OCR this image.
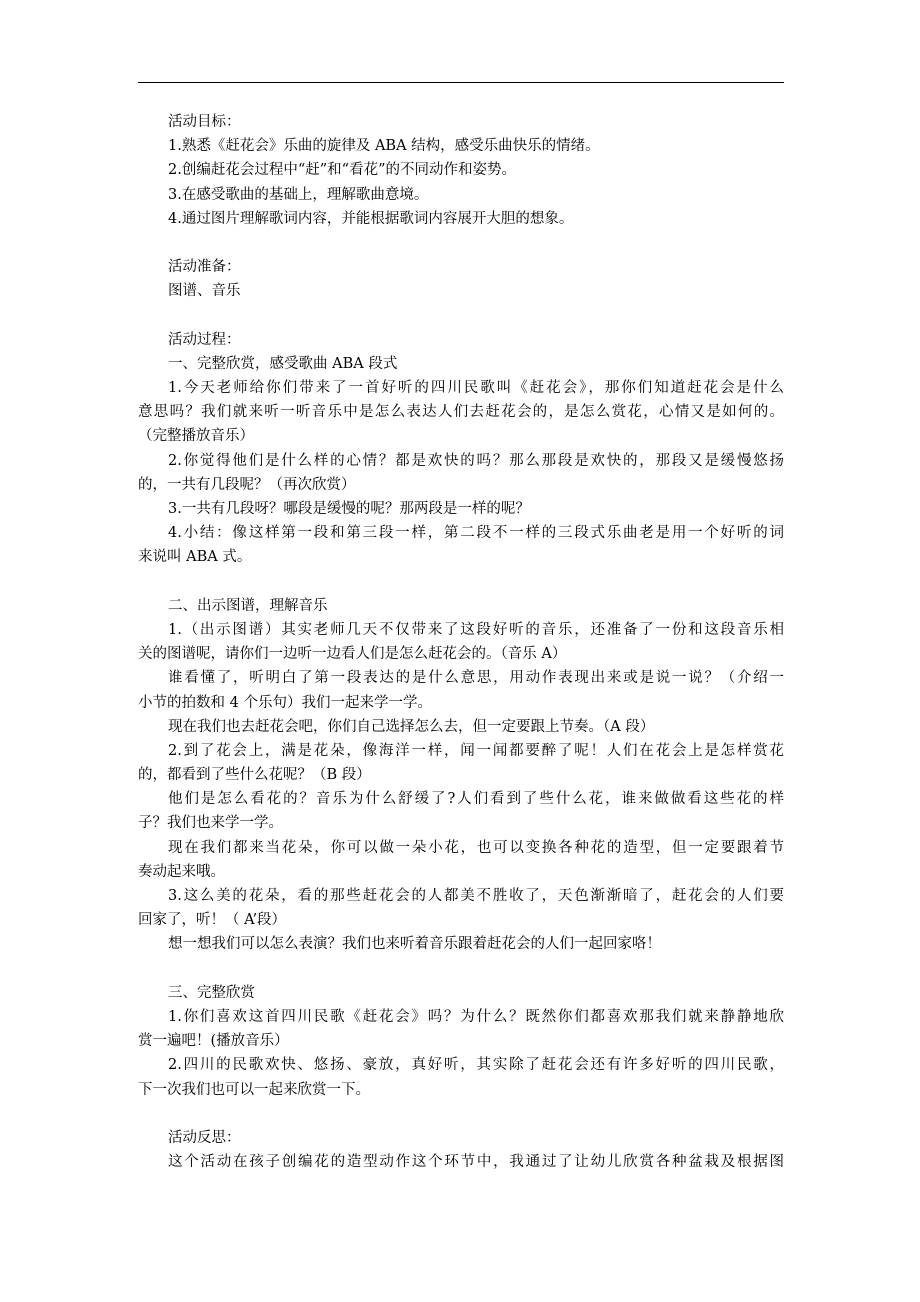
活动目标：
1.熟悉《赶花会》乐曲的旋律及 ABA 结构，感受乐曲快乐的情绪。
2.创编赶花会过程中“赶”和“看花”的不同动作和姿势。
3.在感受歌曲的基础上，理解歌曲意境。
4.通过图片理解歌词内容，并能根据歌词内容展开大胆的想象。
活动准备：
图谱、音乐
活动过程：
一、完整欣赏，感受歌曲 ABA 段式
1.今天老师给你们带来了一首好听的四川民歌叫《赶花会》，那你们知道赶花会是什么
意思吗？我们就来听一听音乐中是怎么表达人们去赶花会的，是怎么赏花，心情又是如何的。
（完整播放音乐）
2.你觉得他们是什么样的心情？都是欢快的吗？那么那段是欢快的，那段又是缓慢悠扬
的，一共有几段呢？（再次欣赏）
3.一共有几段呀？哪段是缓慢的呢？那两段是一样的呢？
4.小结：像这样第一段和第三段一样，第二段不一样的三段式乐曲老是用一个好听的词
来说叫 ABA 式。
二、出示图谱，理解音乐
1.（出示图谱）其实老师几天不仅带来了这段好听的音乐，还准备了一份和这段音乐相
关的图谱呢，请你们一边听一边看人们是怎么赶花会的。（音乐 A）
谁看懂了，听明白了第一段表达的是什么意思，用动作表现出来或是说一说？（介绍一
小节的拍数和 4 个乐句）我们一起来学一学。
现在我们也去赶花会吧，你们自己选择怎么去，但一定要跟上节奏。（A 段）
2.到了花会上，满是花朵，像海洋一样，闻一闻都要醉了呢！人们在花会上是怎样赏花
的，都看到了些什么花呢？（B 段）
他们是怎么看花的？音乐为什么舒缓了?人们看到了些什么花，谁来做做看这些花的样
子？我们也来学一学。
现在我们都来当花朵，你可以做一朵小花，也可以变换各种花的造型，但一定要跟着节
奏动起来哦。
3.这么美的花朵，看的那些赶花会的人都美不胜收了，天色渐渐暗了，赶花会的人们要
回家了，听！（ A’段）
想一想我们可以怎么表演？我们也来听着音乐跟着赶花会的人们一起回家咯！
三、完整欣赏
1.你们喜欢这首四川民歌《赶花会》吗？为什么？既然你们都喜欢那我们就来静静地欣
赏一遍吧！(播放音乐）
2.四川的民歌欢快、悠扬、豪放，真好听，其实除了赶花会还有许多好听的四川民歌，
下一次我们也可以一起来欣赏一下。
活动反思：
这个活动在孩子创编花的造型动作这个环节中，我通过了让幼儿欣赏各种盆栽及根据图
